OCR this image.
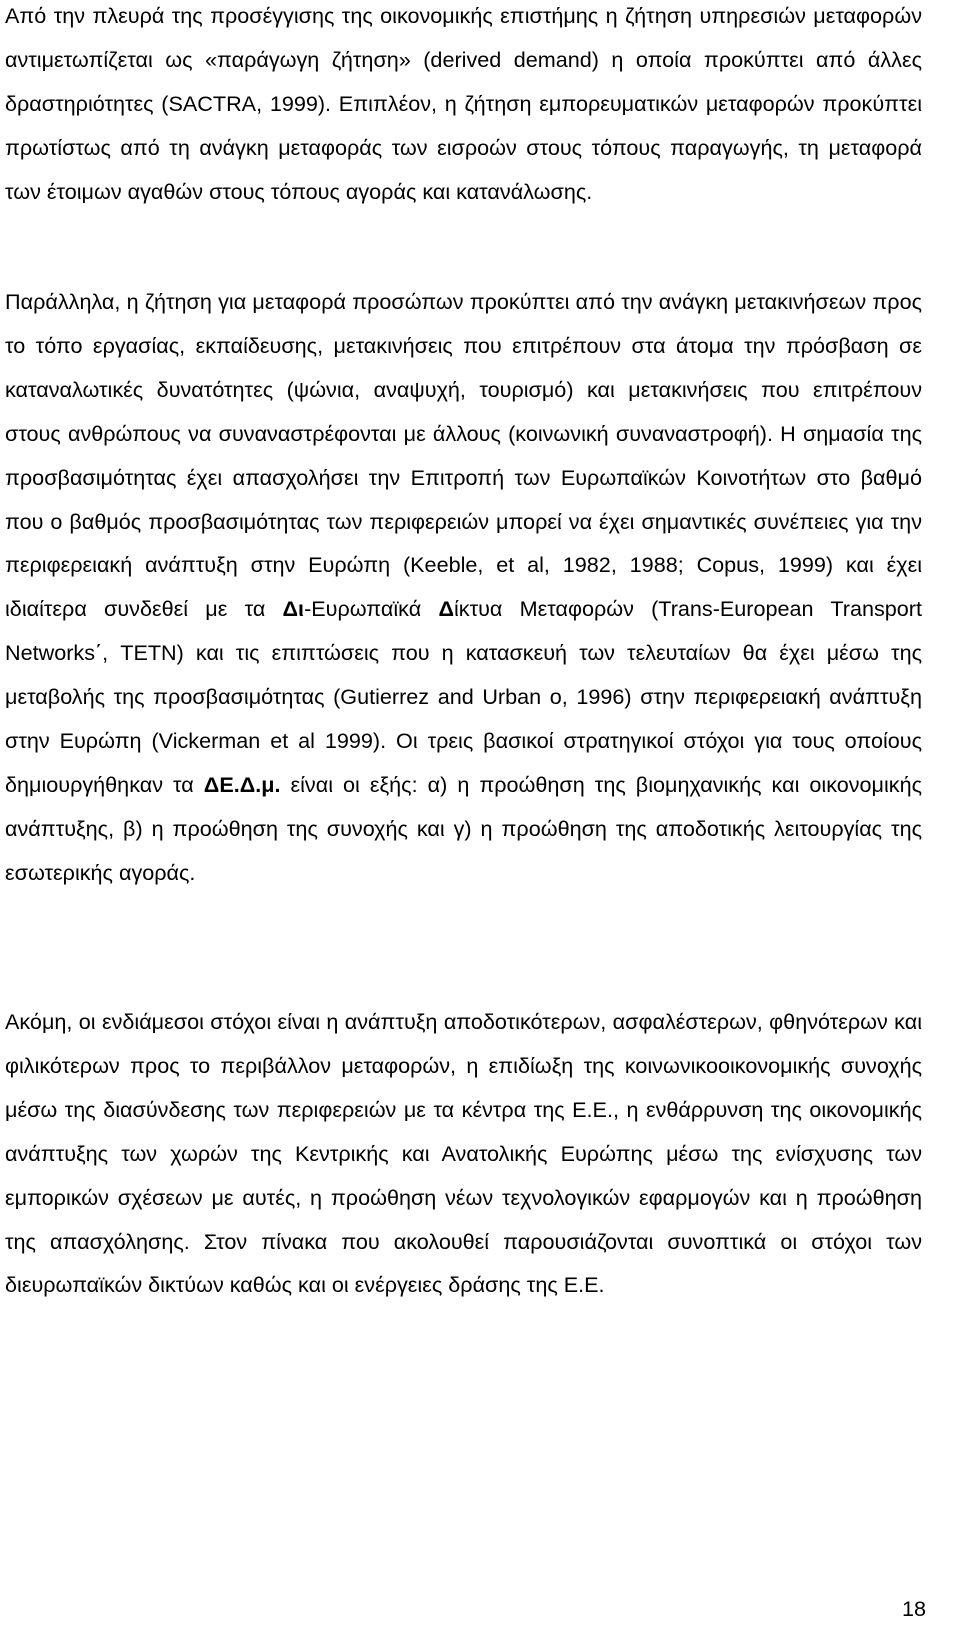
Από την πλευρά της προσέγγισης της οικονομικής επιστήμης η ζήτηση υπηρεσιών μεταφορών αντιμετωπίζεται ως «παράγωγη ζήτηση» (derived demand) η οποία προκύπτει από άλλες δραστηριότητες (SACTRA, 1999). Επιπλέον, η ζήτηση εμπορευματικών μεταφορών προκύπτει πρωτίστως από τη ανάγκη μεταφοράς των εισροών στους τόπους παραγωγής, τη μεταφορά των έτοιμων αγαθών στους τόπους αγοράς και κατανάλωσης.

Παράλληλα, η ζήτηση για μεταφορά προσώπων προκύπτει από την ανάγκη μετακινήσεων προς το τόπο εργασίας, εκπαίδευσης, μετακινήσεις που επιτρέπουν στα άτομα την πρόσβαση σε καταναλωτικές δυνατότητες (ψώνια, αναψυχή, τουρισμό) και μετακινήσεις που επιτρέπουν στους ανθρώπους να συναναστρέφονται με άλλους (κοινωνική συναναστροφή). Η σημασία της προσβασιμότητας έχει απασχολήσει την Επιτροπή των Ευρωπαϊκών Κοινοτήτων στο βαθμό που ο βαθμός προσβασιμότητας των περιφερειών μπορεί να έχει σημαντικές συνέπειες για την περιφερειακή ανάπτυξη στην Ευρώπη (Keeble, et al, 1982, 1988; Copus, 1999) και έχει ιδιαίτερα συνδεθεί με τα Δι-Ευρωπαϊκά Δίκτυα Μεταφορών (Trans-European Transport Networks΄, TETN) και τις επιπτώσεις που η κατασκευή των τελευταίων θα έχει μέσω της μεταβολής της προσβασιμότητας (Gutierrez and Urban o, 1996) στην περιφερειακή ανάπτυξη στην Ευρώπη (Vickerman et al 1999). Οι τρεις βασικοί στρατηγικοί στόχοι για τους οποίους δημιουργήθηκαν τα ΔΕ.Δ.μ. είναι οι εξής: α) η προώθηση της βιομηχανικής και οικονομικής ανάπτυξης, β) η προώθηση της συνοχής και γ) η προώθηση της αποδοτικής λειτουργίας της εσωτερικής αγοράς.

Ακόμη, οι ενδιάμεσοι στόχοι είναι η ανάπτυξη αποδοτικότερων, ασφαλέστερων, φθηνότερων και φιλικότερων προς το περιβάλλον μεταφορών, η επιδίωξη της κοινωνικοοικονομικής συνοχής μέσω της διασύνδεσης των περιφερειών με τα κέντρα της Ε.Ε., η ενθάρρυνση της οικονομικής ανάπτυξης των χωρών της Κεντρικής και Ανατολικής Ευρώπης μέσω της ενίσχυσης των εμπορικών σχέσεων με αυτές, η προώθηση νέων τεχνολογικών εφαρμογών και η προώθηση της απασχόλησης. Στον πίνακα που ακολουθεί παρουσιάζονται συνοπτικά οι στόχοι των διευρωπαϊκών δικτύων καθώς και οι ενέργειες δράσης της Ε.Ε.

18
